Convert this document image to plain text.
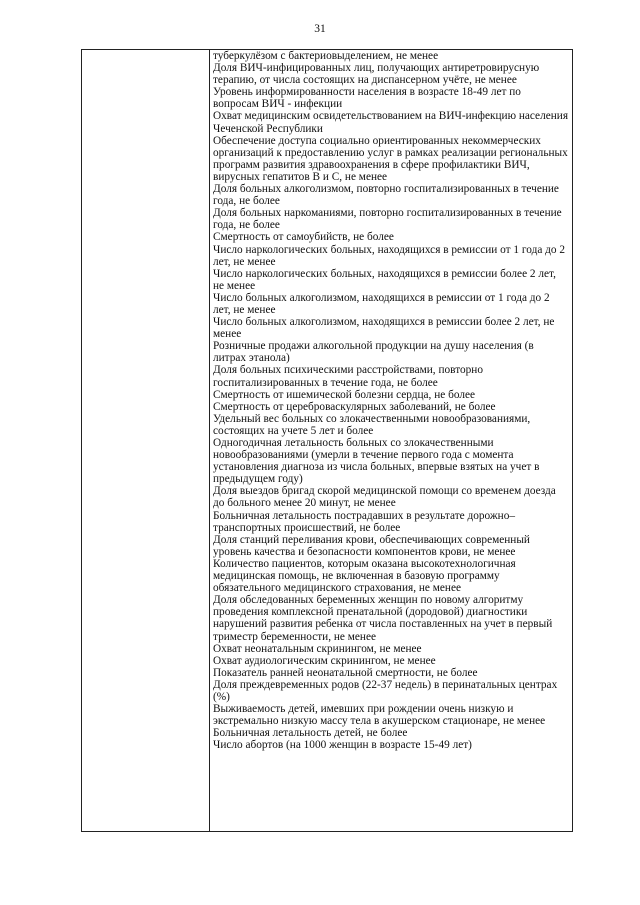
31

туберкулёзом с бактериовыделением, не менее
Доля ВИЧ-инфицированных лиц, получающих антиретровирусную терапию, от числа состоящих на диспансерном учёте, не менее
Уровень информированности населения в возрасте 18-49 лет по вопросам ВИЧ - инфекции
Охват медицинским освидетельствованием на ВИЧ-инфекцию населения Чеченской Республики
Обеспечение доступа социально ориентированных некоммерческих организаций к предоставлению услуг в рамках реализации региональных программ развития здравоохранения в сфере профилактики ВИЧ, вирусных гепатитов В и С, не менее
Доля больных алкоголизмом, повторно госпитализированных в течение года, не более
Доля больных наркоманиями, повторно госпитализированных в течение года, не более
Смертность от самоубийств, не более
Число наркологических больных, находящихся в ремиссии от 1 года до 2 лет, не менее
Число наркологических больных, находящихся в ремиссии более 2 лет, не менее
Число больных алкоголизмом, находящихся в ремиссии от 1 года до 2 лет, не менее
Число больных алкоголизмом, находящихся в ремиссии более 2 лет, не менее
Розничные продажи алкогольной продукции на душу населения (в литрах этанола)
Доля больных психическими расстройствами, повторно госпитализированных в течение года, не более
Смертность от ишемической болезни сердца, не более
Смертность от цереброваскулярных заболеваний, не более
Удельный вес больных со злокачественными новообразованиями, состоящих на учете 5 лет и более
Одногодичная летальность больных со злокачественными новообразованиями (умерли в течение первого года с момента установления диагноза из числа больных, впервые взятых на учет в предыдущем году)
Доля выездов бригад скорой медицинской помощи со временем доезда до больного менее 20 минут, не менее
Больничная летальность пострадавших в результате дорожно–транспортных происшествий, не более
Доля станций переливания крови, обеспечивающих современный уровень качества и безопасности компонентов крови, не менее
Количество пациентов, которым оказана высокотехнологичная медицинская помощь, не включенная в базовую программу обязательного медицинского страхования, не менее
Доля обследованных беременных женщин по новому алгоритму проведения комплексной пренатальной (дородовой) диагностики нарушений развития ребенка от числа поставленных на учет в первый триместр беременности, не менее
Охват неонатальным скринингом, не менее
Охват аудиологическим скринингом, не менее
Показатель ранней неонатальной смертности, не более
Доля преждевременных родов (22-37 недель) в перинатальных центрах (%)
Выживаемость детей, имевших при рождении очень низкую и экстремально низкую массу тела в акушерском стационаре, не менее
Больничная летальность детей, не более
Число абортов (на 1000 женщин в возрасте 15-49 лет)
